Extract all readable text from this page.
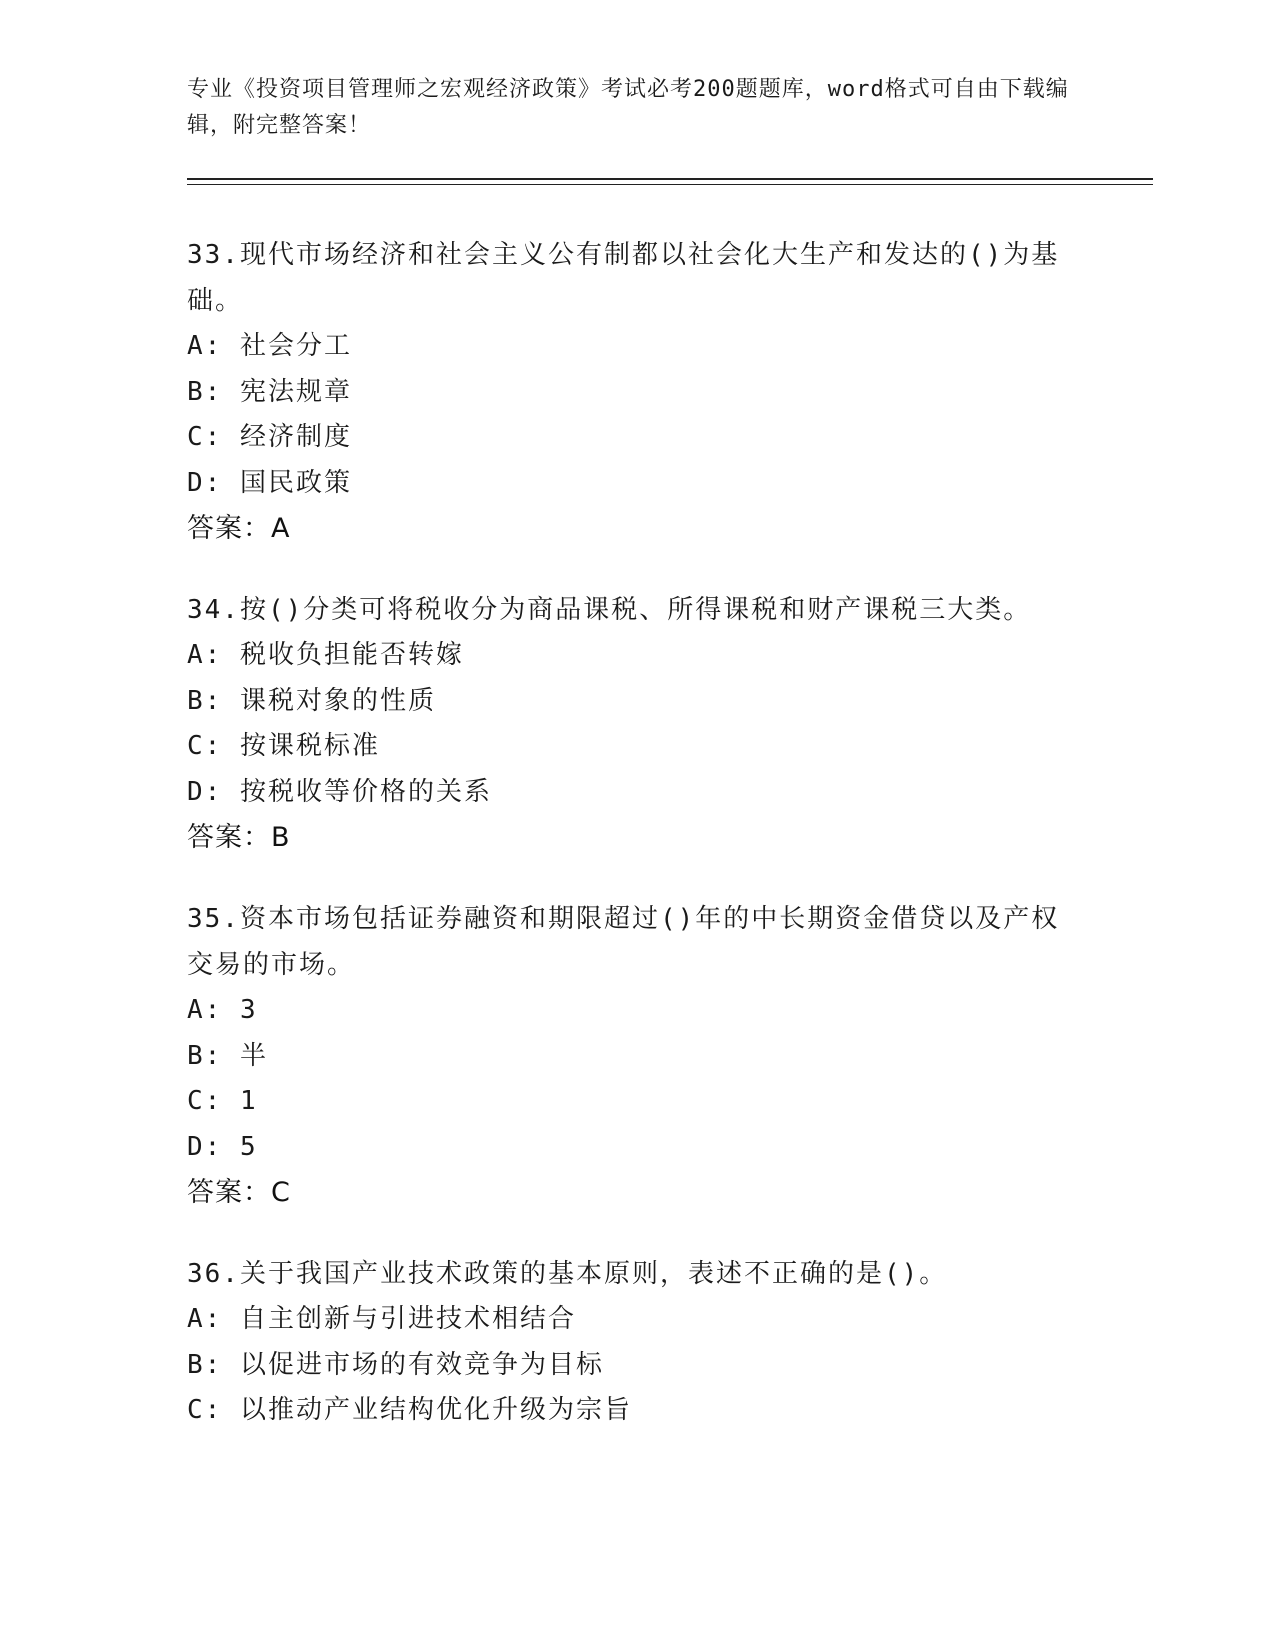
专业《投资项目管理师之宏观经济政策》考试必考200题题库，word格式可自由下载编辑，附完整答案！
33.现代市场经济和社会主义公有制都以社会化大生产和发达的()为基础。
A: 社会分工
B: 宪法规章
C: 经济制度
D: 国民政策
答案：A
34.按()分类可将税收分为商品课税、所得课税和财产课税三大类。
A: 税收负担能否转嫁
B: 课税对象的性质
C: 按课税标准
D: 按税收等价格的关系
答案：B
35.资本市场包括证券融资和期限超过()年的中长期资金借贷以及产权交易的市场。
A: 3
B: 半
C: 1
D: 5
答案：C
36.关于我国产业技术政策的基本原则，表述不正确的是()。
A: 自主创新与引进技术相结合
B: 以促进市场的有效竞争为目标
C: 以推动产业结构优化升级为宗旨
